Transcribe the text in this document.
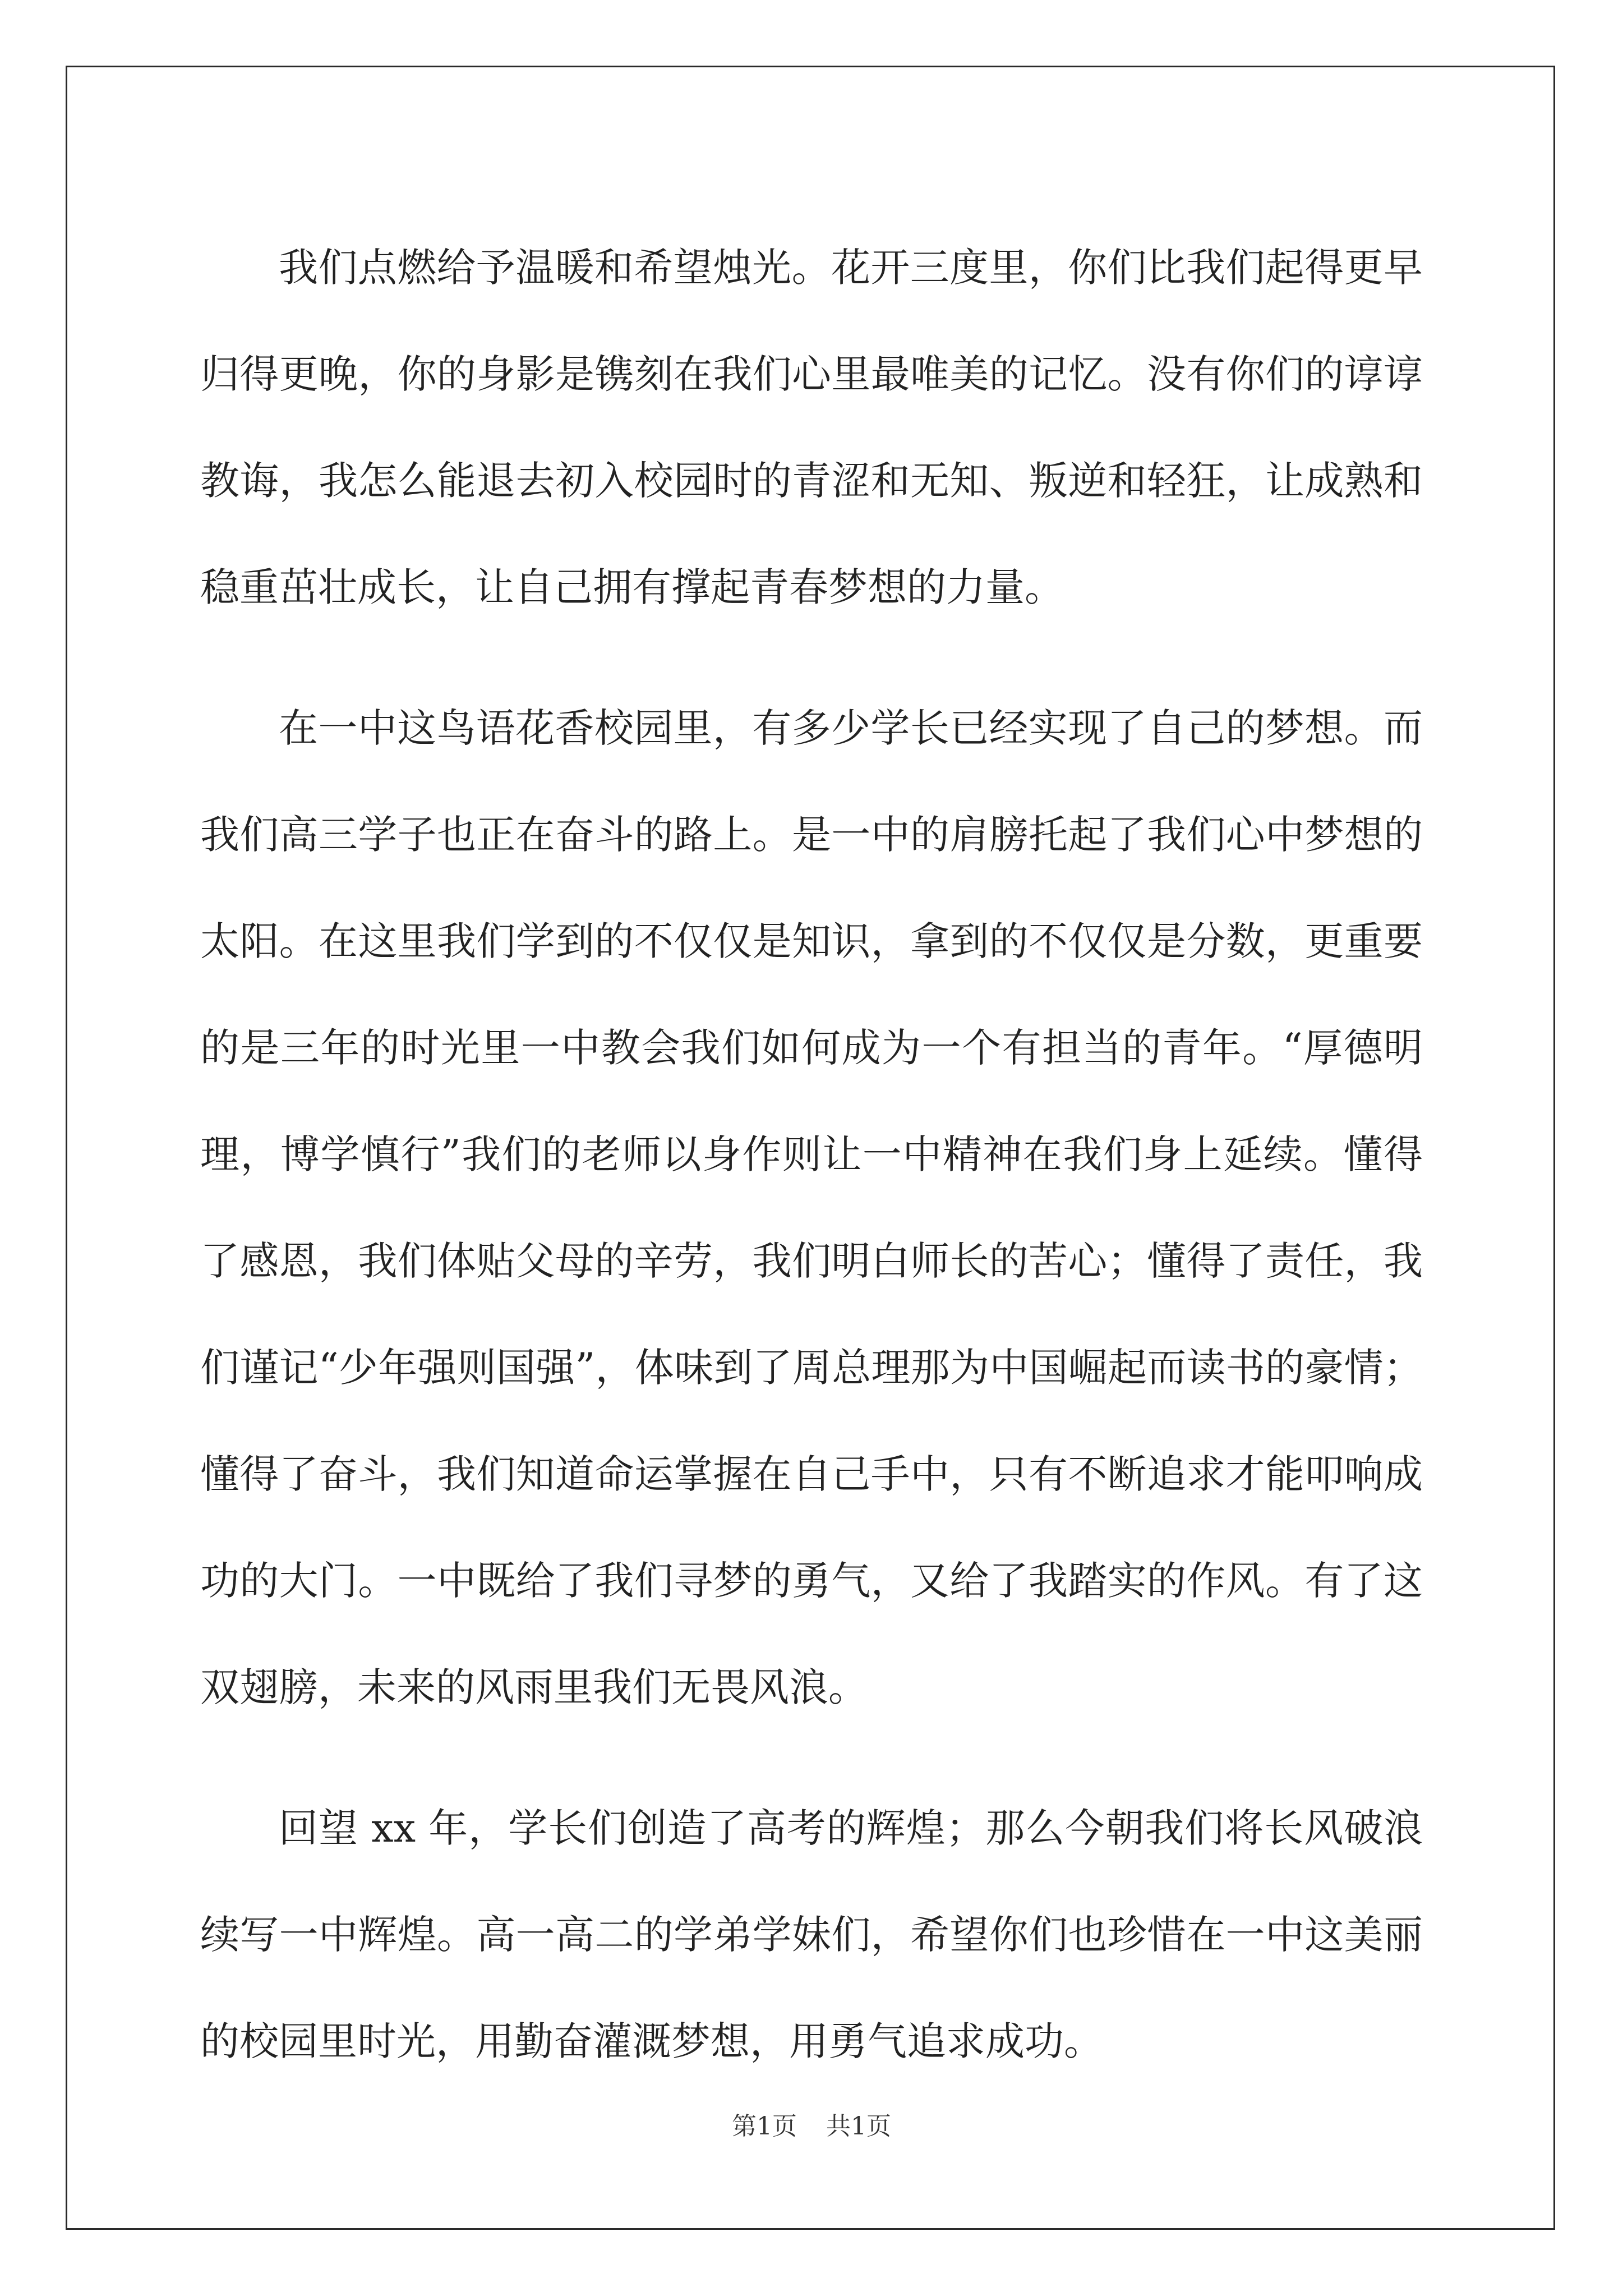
我们点燃给予温暖和希望烛光。花开三度里，你们比我们起得更早归得更晚，你的身影是镌刻在我们心里最唯美的记忆。没有你们的谆谆教诲，我怎么能退去初入校园时的青涩和无知、叛逆和轻狂，让成熟和稳重茁壮成长，让自己拥有撑起青春梦想的力量。

在一中这鸟语花香校园里，有多少学长已经实现了自己的梦想。而我们高三学子也正在奋斗的路上。是一中的肩膀托起了我们心中梦想的太阳。在这里我们学到的不仅仅是知识，拿到的不仅仅是分数，更重要的是三年的时光里一中教会我们如何成为一个有担当的青年。“厚德明理，博学慎行”我们的老师以身作则让一中精神在我们身上延续。懂得了感恩，我们体贴父母的辛劳，我们明白师长的苦心；懂得了责任，我们谨记“少年强则国强”，体味到了周总理那为中国崛起而读书的豪情；懂得了奋斗，我们知道命运掌握在自己手中，只有不断追求才能叩响成功的大门。一中既给了我们寻梦的勇气，又给了我踏实的作风。有了这双翅膀，未来的风雨里我们无畏风浪。

回望 xx 年，学长们创造了高考的辉煌；那么今朝我们将长风破浪续写一中辉煌。高一高二的学弟学妹们，希望你们也珍惜在一中这美丽的校园里时光，用勤奋灌溉梦想，用勇气追求成功。

第1页 共1页
